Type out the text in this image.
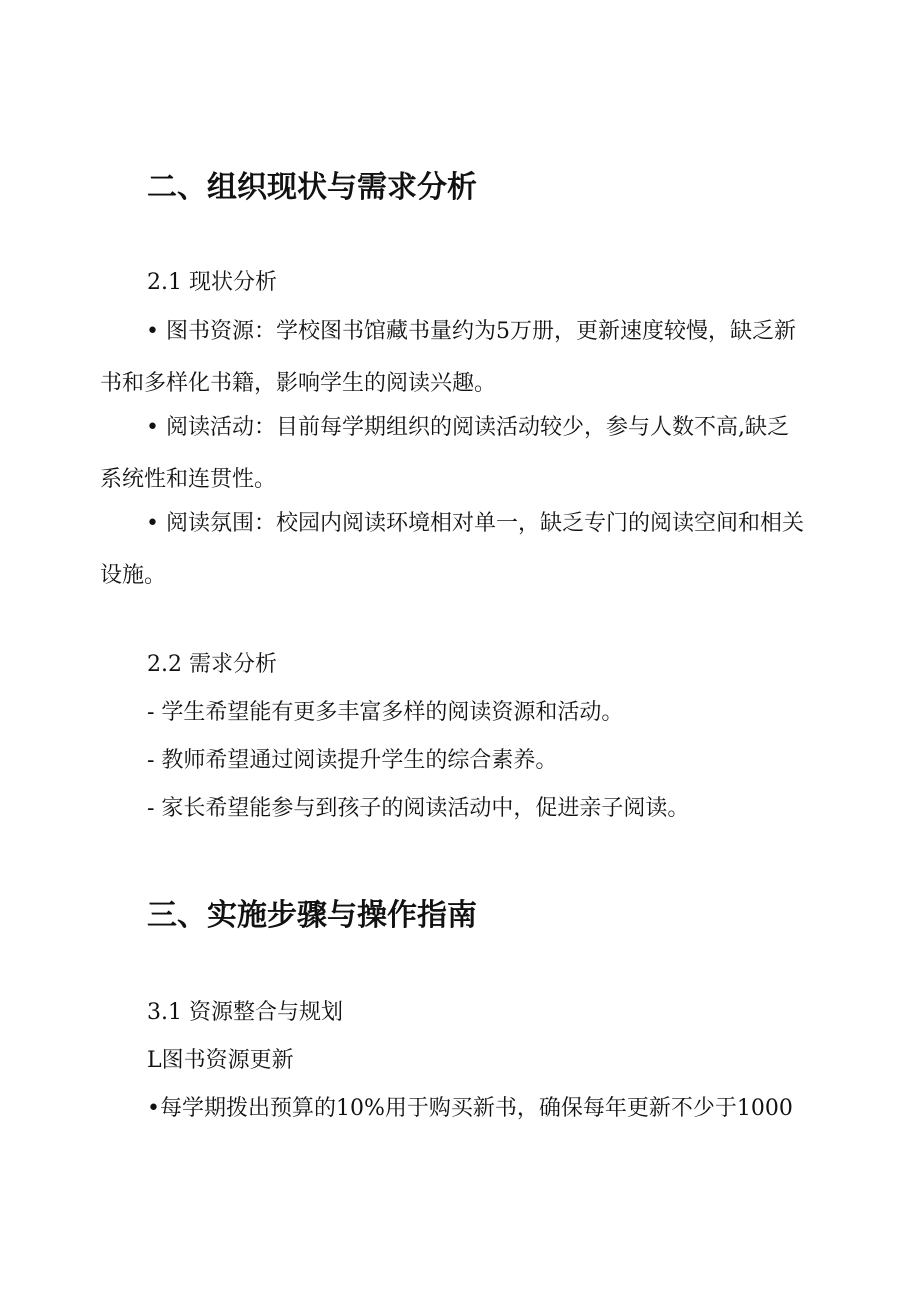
二、组织现状与需求分析
2.1 现状分析

• 图书资源：学校图书馆藏书量约为5万册，更新速度较慢，缺乏新书和多样化书籍，影响学生的阅读兴趣。

• 阅读活动：目前每学期组织的阅读活动较少，参与人数不高,缺乏系统性和连贯性。

• 阅读氛围：校园内阅读环境相对单一，缺乏专门的阅读空间和相关设施。

2.2 需求分析
- 学生希望能有更多丰富多样的阅读资源和活动。
- 教师希望通过阅读提升学生的综合素养。
- 家长希望能参与到孩子的阅读活动中，促进亲子阅读。
三、实施步骤与操作指南
3.1 资源整合与规划
L图书资源更新
•每学期拨出预算的10%用于购买新书，确保每年更新不少于1000
